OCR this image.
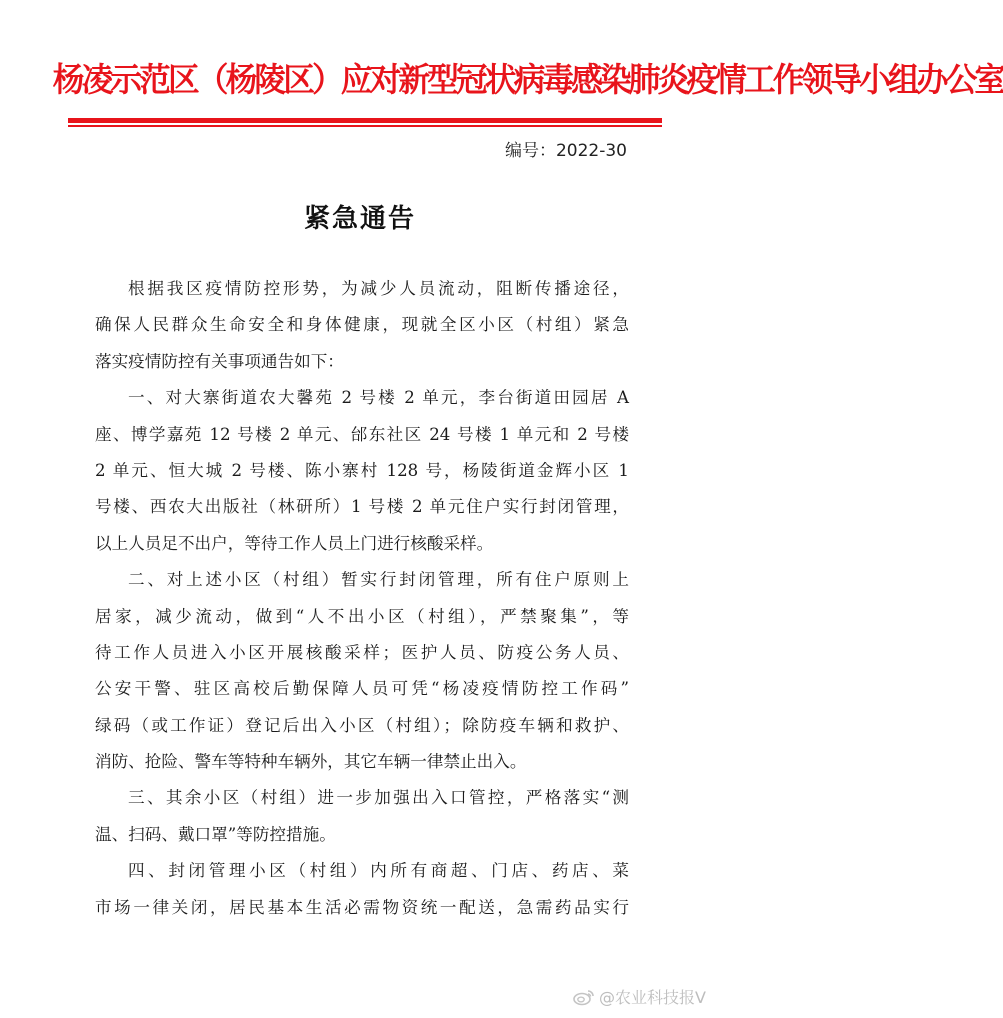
杨凌示范区（杨陵区）应对新型冠状病毒感染肺炎疫情工作领导小组办公室
编号：2022-30
紧急通告
根据我区疫情防控形势，为减少人员流动，阻断传播途径，
确保人民群众生命安全和身体健康，现就全区小区（村组）紧急
落实疫情防控有关事项通告如下：
一、对大寨街道农大馨苑 2 号楼 2 单元，李台街道田园居 A
座、博学嘉苑 12 号楼 2 单元、邰东社区 24 号楼 1 单元和 2 号楼
2 单元、恒大城 2 号楼、陈小寨村 128 号，杨陵街道金辉小区 1
号楼、西农大出版社（林研所）1 号楼 2 单元住户实行封闭管理，
以上人员足不出户，等待工作人员上门进行核酸采样。
二、对上述小区（村组）暂实行封闭管理，所有住户原则上
居家，减少流动，做到“人不出小区（村组），严禁聚集”，等
待工作人员进入小区开展核酸采样；医护人员、防疫公务人员、
公安干警、驻区高校后勤保障人员可凭“杨凌疫情防控工作码”
绿码（或工作证）登记后出入小区（村组）；除防疫车辆和救护、
消防、抢险、警车等特种车辆外，其它车辆一律禁止出入。
三、其余小区（村组）进一步加强出入口管控，严格落实“测
温、扫码、戴口罩”等防控措施。
四、封闭管理小区（村组）内所有商超、门店、药店、菜
市场一律关闭，居民基本生活必需物资统一配送，急需药品实行
@农业科技报V
